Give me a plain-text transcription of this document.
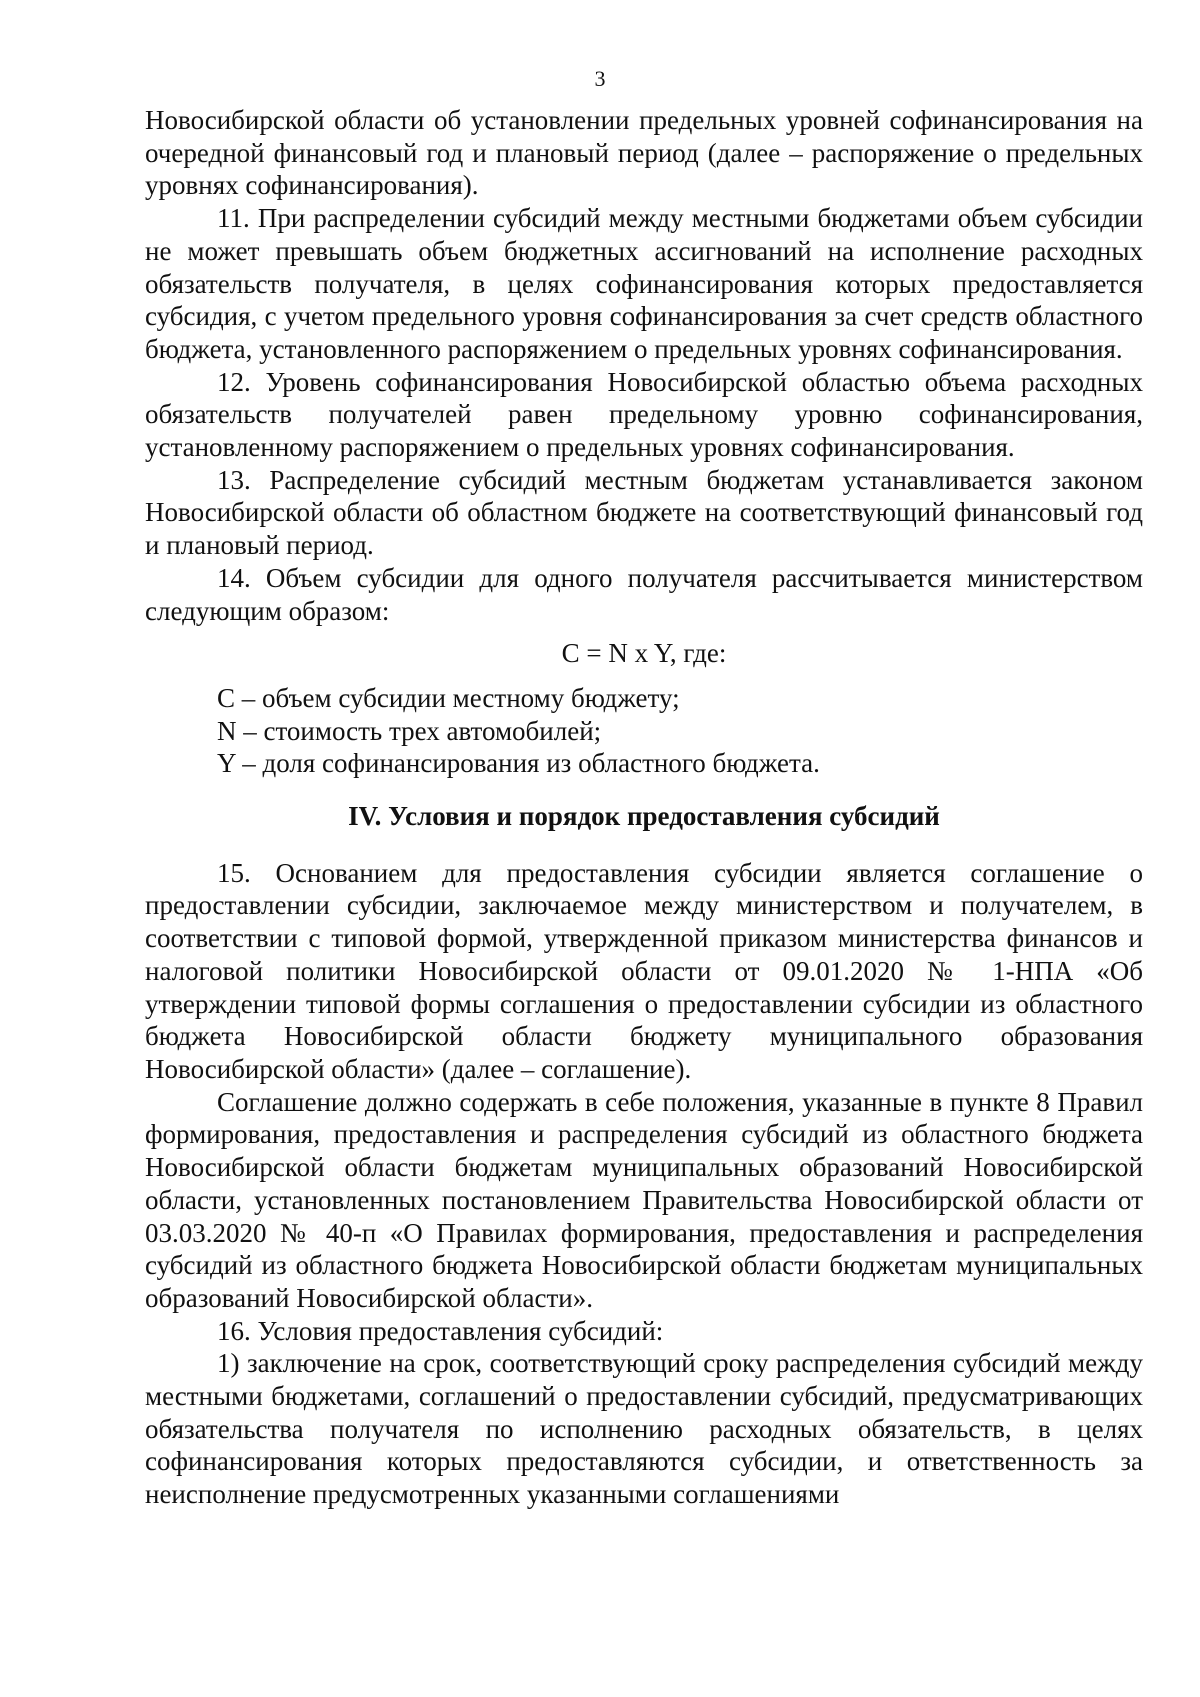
3

Новосибирской области об установлении предельных уровней софинансирования на очередной финансовый год и плановый период (далее – распоряжение о предельных уровнях софинансирования).

11. При распределении субсидий между местными бюджетами объем субсидии не может превышать объем бюджетных ассигнований на исполнение расходных обязательств получателя, в целях софинансирования которых предоставляется субсидия, с учетом предельного уровня софинансирования за счет средств областного бюджета, установленного распоряжением о предельных уровнях софинансирования.

12. Уровень софинансирования Новосибирской областью объема расходных обязательств получателей равен предельному уровню софинансирования, установленному распоряжением о предельных уровнях софинансирования.

13. Распределение субсидий местным бюджетам устанавливается законом Новосибирской области об областном бюджете на соответствующий финансовый год и плановый период.

14. Объем субсидии для одного получателя рассчитывается министерством следующим образом:

C = N x Y, где:

C – объем субсидии местному бюджету;

N – стоимость трех автомобилей;

Y – доля софинансирования из областного бюджета.

IV. Условия и порядок предоставления субсидий

15. Основанием для предоставления субсидии является соглашение о предоставлении субсидии, заключаемое между министерством и получателем, в соответствии с типовой формой, утвержденной приказом министерства финансов и налоговой политики Новосибирской области от 09.01.2020 № 1-НПА «Об утверждении типовой формы соглашения о предоставлении субсидии из областного бюджета Новосибирской области бюджету муниципального образования Новосибирской области» (далее – соглашение).

Соглашение должно содержать в себе положения, указанные в пункте 8 Правил формирования, предоставления и распределения субсидий из областного бюджета Новосибирской области бюджетам муниципальных образований Новосибирской области, установленных постановлением Правительства Новосибирской области от 03.03.2020 № 40-п «О Правилах формирования, предоставления и распределения субсидий из областного бюджета Новосибирской области бюджетам муниципальных образований Новосибирской области».

16. Условия предоставления субсидий:

1) заключение на срок, соответствующий сроку распределения субсидий между местными бюджетами, соглашений о предоставлении субсидий, предусматривающих обязательства получателя по исполнению расходных обязательств, в целях софинансирования которых предоставляются субсидии, и ответственность за неисполнение предусмотренных указанными соглашениями
